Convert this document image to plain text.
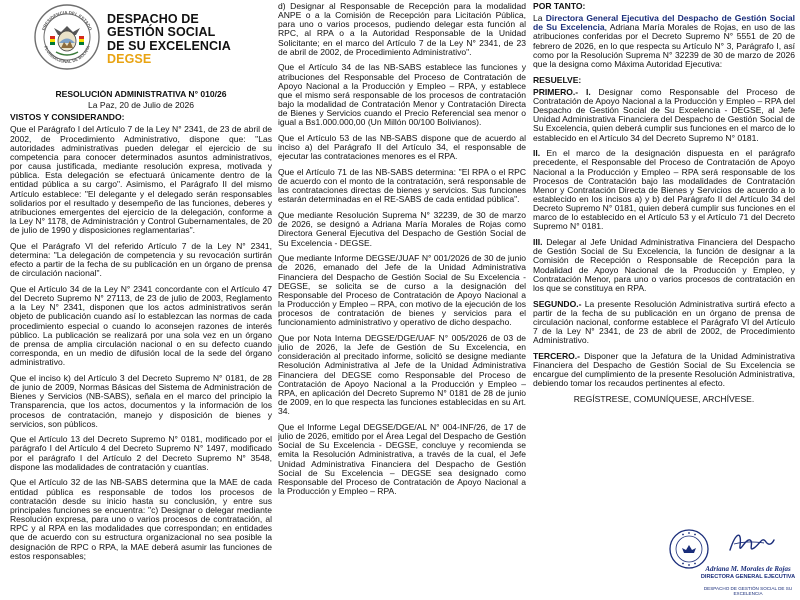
PRESIDENCIA DEL ESTADO
PLURINACIONAL DE BOLIVIA
DESPACHO DE
GESTIÓN SOCIAL
DE SU EXCELENCIA
DEGSE

RESOLUCIÓN ADMINISTRATIVA N° 010/26

La Paz, 20 de Julio de 2026

VISTOS Y CONSIDERANDO:

Que el Parágrafo I del Artículo 7 de la Ley N° 2341, de 23 de abril de 2002, de Procedimiento Administrativo, dispone que: "Las autoridades administrativas pueden delegar el ejercicio de su competencia para conocer determinados asuntos administrativos, por causa justificada, mediante resolución expresa, motivada y pública. Esta delegación se efectuará únicamente dentro de la entidad pública a su cargo". Asimismo, el Parágrafo II del mismo Artículo establece: "El delegante y el delegado serán responsables solidarios por el resultado y desempeño de las funciones, deberes y atribuciones emergentes del ejercicio de la delegación, conforme a la Ley N° 1178, de Administración y Control Gubernamentales, de 20 de julio de 1990 y disposiciones reglamentarias".

Que el Parágrafo VI del referido Artículo 7 de la Ley N° 2341, determina: "La delegación de competencia y su revocación surtirán efecto a partir de la fecha de su publicación en un órgano de prensa de circulación nacional".

Que el Artículo 34 de la Ley N° 2341 concordante con el Artículo 47 del Decreto Supremo N° 27113, de 23 de julio de 2003, Reglamento a la Ley N° 2341, disponen que los actos administrativos serán objeto de publicación cuando así lo establezcan las normas de cada procedimiento especial o cuando lo aconsejen razones de interés público. La publicación se realizará por una sola vez en un órgano de prensa de amplia circulación nacional o en su defecto cuando corresponda, en un medio de difusión local de la sede del órgano administrativo.

Que el inciso k) del Artículo 3 del Decreto Supremo N° 0181, de 28 de junio de 2009, Normas Básicas del Sistema de Administración de Bienes y Servicios (NB-SABS), señala en el marco del principio la Transparencia, que los actos, documentos y la información de los procesos de contratación, manejo y disposición de bienes y servicios, son públicos.

Que el Artículo 13 del Decreto Supremo N° 0181, modificado por el parágrafo I del Artículo 4 del Decreto Supremo N° 1497, modificado por el parágrafo I del Artículo 2 del Decreto Supremo N° 3548, dispone las modalidades de contratación y cuantías.

Que el Artículo 32 de las NB-SABS determina que la MAE de cada entidad pública es responsable de todos los procesos de contratación desde su inicio hasta su conclusión, y entre sus principales funciones se encuentra: "c) Designar o delegar mediante Resolución expresa, para uno o varios procesos de contratación, al RPC y al RPA en las modalidades que correspondan; en entidades que de acuerdo con su estructura organizacional no sea posible la designación de RPC o RPA, la MAE deberá asumir las funciones de estos responsables;

d) Designar al Responsable de Recepción para la modalidad ANPE o a la Comisión de Recepción para Licitación Pública, para uno o varios procesos, pudiendo delegar esta función al RPC, al RPA o a la Autoridad Responsable de la Unidad Solicitante; en el marco del Artículo 7 de la Ley N° 2341, de 23 de abril de 2002, de Procedimiento Administrativo".

Que el Artículo 34 de las NB-SABS establece las funciones y atribuciones del Responsable del Proceso de Contratación de Apoyo Nacional a la Producción y Empleo – RPA, y establece que el mismo será responsable de los procesos de contratación bajo la modalidad de Contratación Menor y Contratación Directa de Bienes y Servicios cuando el Precio Referencial sea menor o igual a Bs1.000.000,00 (Un Millón 00/100 Bolivianos).

Que el Artículo 53 de las NB-SABS dispone que de acuerdo al inciso a) del Parágrafo II del Artículo 34, el responsable de ejecutar las contrataciones menores es el RPA.

Que el Artículo 71 de las NB-SABS determina: "El RPA o el RPC de acuerdo con el monto de la contratación, será responsable de las contrataciones directas de bienes y servicios. Sus funciones estarán determinadas en el RE-SABS de cada entidad pública".

Que mediante Resolución Suprema N° 32239, de 30 de marzo de 2026, se designó a Adriana María Morales de Rojas como Directora General Ejecutiva del Despacho de Gestión Social de Su Excelencia - DEGSE.

Que mediante Informe DEGSE/JUAF N° 001/2026 de 30 de junio de 2026, emanado del Jefe de la Unidad Administrativa Financiera del Despacho de Gestión Social de Su Excelencia - DEGSE, se solicita se de curso a la designación del Responsable del Proceso de Contratación de Apoyo Nacional a la Producción y Empleo – RPA, con motivo de la ejecución de los procesos de contratación de bienes y servicios para el funcionamiento administrativo y operativo de dicho despacho.

Que por Nota Interna DEGSE/DGE/UAF N° 005/2026 de 03 de julio de 2026, la Jefe de Gestión de Su Excelencia, en consideración al precitado informe, solicitó se designe mediante Resolución Administrativa al Jefe de la Unidad Administrativa Financiera del DEGSE como Responsable del Proceso de Contratación de Apoyo Nacional a la Producción y Empleo – RPA, en aplicación del Decreto Supremo N° 0181 de 28 de junio de 2009, en lo que respecta las funciones establecidas en su Art. 34.

Que el Informe Legal DEGSE/DGE/AL N° 004-INF/26, de 17 de julio de 2026, emitido por el Área Legal del Despacho de Gestión Social de Su Excelencia - DEGSE, concluye y recomienda se emita la Resolución Administrativa, a través de la cual, el Jefe Unidad Administrativa Financiera del Despacho de Gestión Social de Su Excelencia – DEGSE sea designado como Responsable del Proceso de Contratación de Apoyo Nacional a la Producción y Empleo – RPA.

POR TANTO:

La Directora General Ejecutiva del Despacho de Gestión Social de Su Excelencia, Adriana María Morales de Rojas, en uso de las atribuciones conferidas por el Decreto Supremo N° 5551 de 20 de febrero de 2026, en lo que respecta su Artículo N° 3, Parágrafo I, así como por la Resolución Suprema N° 32239 de 30 de marzo de 2026 que la designa como Máxima Autoridad Ejecutiva:

RESUELVE:

PRIMERO.- I. Designar como Responsable del Proceso de Contratación de Apoyo Nacional a la Producción y Empleo – RPA del Despacho de Gestión Social de Su Excelencia - DEGSE, al Jefe Unidad Administrativa Financiera del Despacho de Gestión Social de Su Excelencia, quien deberá cumplir sus funciones en el marco de lo establecido en el Artículo 34 del Decreto Supremo N° 0181.

II. En el marco de la designación dispuesta en el parágrafo precedente, el Responsable del Proceso de Contratación de Apoyo Nacional a la Producción y Empleo – RPA será responsable de los Procesos de Contratación bajo las modalidades de Contratación Menor y Contratación Directa de Bienes y Servicios de acuerdo a lo establecido en los incisos a) y b) del Parágrafo II del Artículo 34 del Decreto Supremo N° 0181, quien deberá cumplir sus funciones en el marco de lo establecido en el Artículo 53 y el Artículo 71 del Decreto Supremo N° 0181.

III. Delegar al Jefe Unidad Administrativa Financiera del Despacho de Gestión Social de Su Excelencia, la función de designar a la Comisión de Recepción o Responsable de Recepción para la Modalidad de Apoyo Nacional de la Producción y Empleo, y Contratación Menor, para uno o varios procesos de contratación en los que se constituya en RPA.

SEGUNDO.- La presente Resolución Administrativa surtirá efecto a partir de la fecha de su publicación en un órgano de prensa de circulación nacional, conforme establece el Parágrafo VI del Artículo 7 de la Ley N° 2341, de 23 de abril de 2002, de Procedimiento Administrativo.

TERCERO.- Disponer que la Jefatura de la Unidad Administrativa Financiera del Despacho de Gestión Social de Su Excelencia se encargue del cumplimiento de la presente Resolución Administrativa, debiendo tomar los recaudos pertinentes al efecto.

REGÍSTRESE, COMUNÍQUESE, ARCHÍVESE.

Adriana M. Morales de Rojas
DIRECTORA GENERAL EJECUTIVA
DESPACHO DE GESTIÓN SOCIAL DE SU EXCELENCIA
